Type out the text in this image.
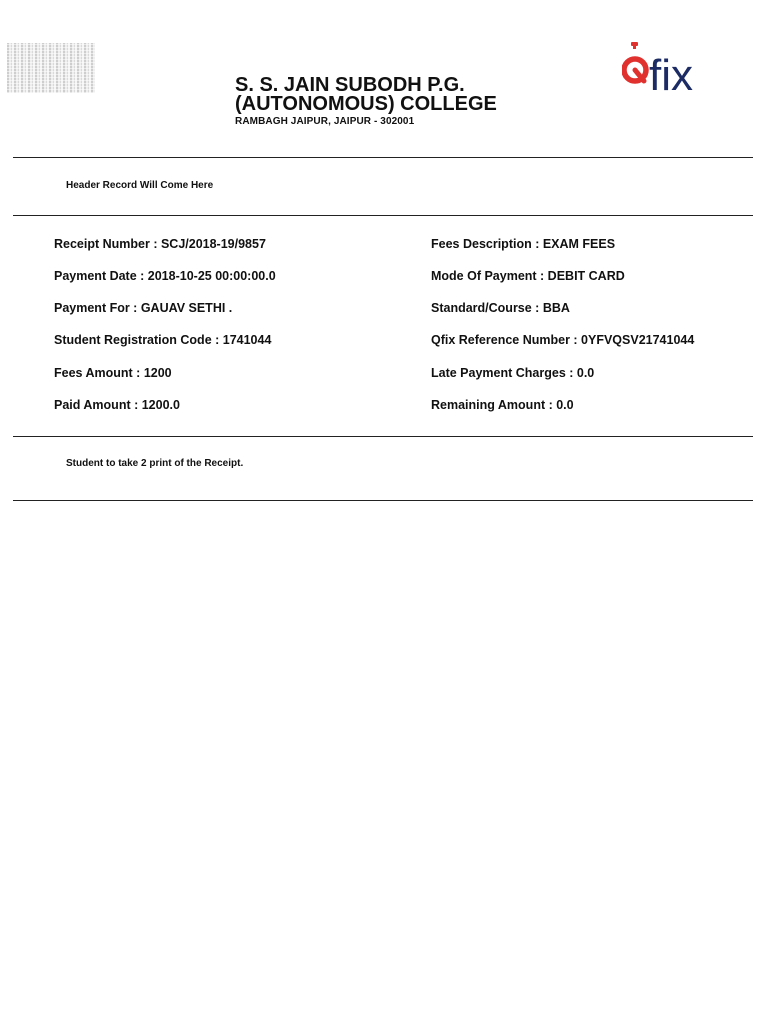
S. S. JAIN SUBODH P.G.
(AUTONOMOUS) COLLEGE
RAMBAGH JAIPUR, JAIPUR - 302001
fix
Header Record Will Come Here
Receipt Number : SCJ/2018-19/9857
Payment Date : 2018-10-25 00:00:00.0
Payment For : GAUAV SETHI .
Student Registration Code : 1741044
Fees Amount : 1200
Paid Amount : 1200.0
Fees Description : EXAM FEES
Mode Of Payment : DEBIT CARD
Standard/Course : BBA
Qfix Reference Number : 0YFVQSV21741044
Late Payment Charges : 0.0
Remaining Amount : 0.0
Student to take 2 print of the Receipt.
